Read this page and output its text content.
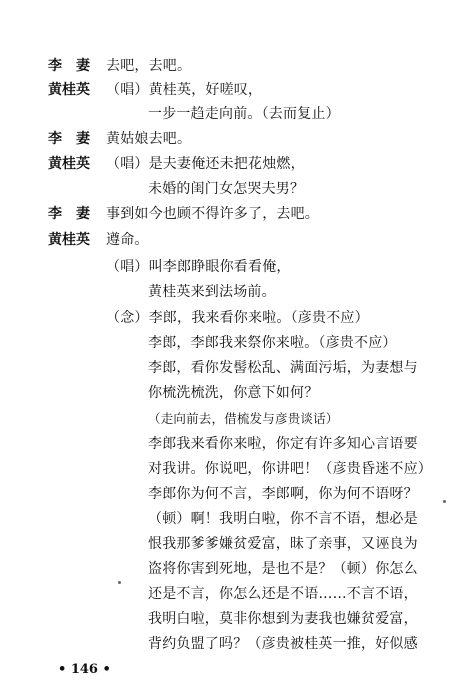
李　妻 去吧，去吧。
黄桂英 （唱）黄桂英，好嗟叹，
一步一趋走向前。（去而复止）
李　妻 黄姑娘去吧。
黄桂英 （唱）是夫妻俺还未把花烛燃，
未婚的闺门女怎哭夫男？
李　妻 事到如今也顾不得许多了，去吧。
黄桂英 遵命。
（唱）叫李郎睁眼你看看俺，
黄桂英来到法场前。
（念）李郎，我来看你来啦。（彦贵不应）
李郎，李郎我来祭你来啦。（彦贵不应）
李郎，看你发髻松乱、满面污垢，为妻想与
你梳洗梳洗，你意下如何？
（走向前去，借梳发与彦贵谈话）
李郎我来看你来啦，你定有许多知心言语要
对我讲。你说吧，你讲吧！（彦贵昏迷不应）
李郎你为何不言，李郎啊，你为何不语呀？
（顿）啊！我明白啦，你不言不语，想必是
恨我那爹爹嫌贫爱富，昧了亲事，又诬良为
盗将你害到死地，是也不是？（顿）你怎么
还是不言，你怎么还是不语……不言不语，
我明白啦，莫非你想到为妻我也嫌贫爱富，
背约负盟了吗？（彦贵被桂英一推，好似感
• 146 •
